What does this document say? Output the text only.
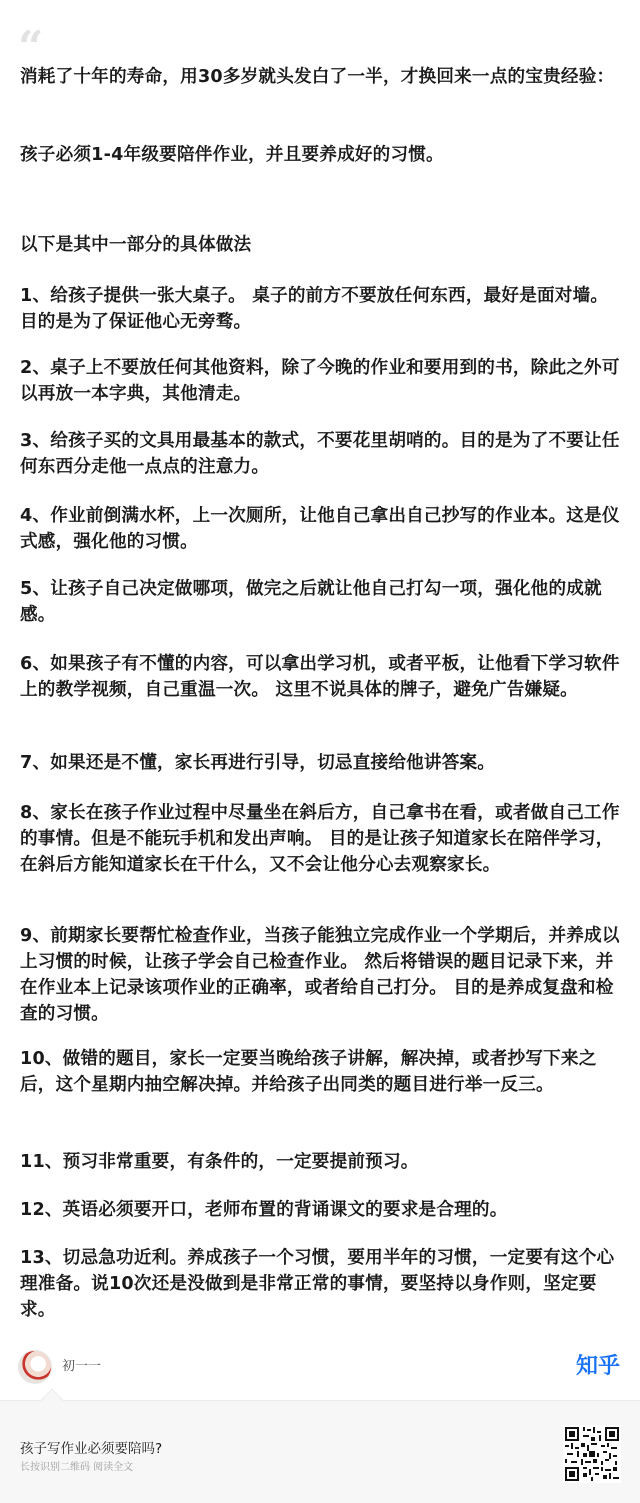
“
消耗了十年的寿命，用30多岁就头发白了一半，才换回来一点的宝贵经验：
孩子必须1-4年级要陪伴作业，并且要养成好的习惯。
以下是其中一部分的具体做法
1、给孩子提供一张大桌子。 桌子的前方不要放任何东西，最好是面对墙。目的是为了保证他心无旁骛。
2、桌子上不要放任何其他资料，除了今晚的作业和要用到的书，除此之外可以再放一本字典，其他清走。
3、给孩子买的文具用最基本的款式，不要花里胡哨的。目的是为了不要让任何东西分走他一点点的注意力。
4、作业前倒满水杯，上一次厕所，让他自己拿出自己抄写的作业本。这是仪式感，强化他的习惯。
5、让孩子自己决定做哪项，做完之后就让他自己打勾一项，强化他的成就感。
6、如果孩子有不懂的内容，可以拿出学习机，或者平板，让他看下学习软件上的教学视频，自己重温一次。 这里不说具体的牌子，避免广告嫌疑。
7、如果还是不懂，家长再进行引导，切忌直接给他讲答案。
8、家长在孩子作业过程中尽量坐在斜后方，自己拿书在看，或者做自己工作的事情。但是不能玩手机和发出声响。 目的是让孩子知道家长在陪伴学习，在斜后方能知道家长在干什么，又不会让他分心去观察家长。
9、前期家长要帮忙检查作业，当孩子能独立完成作业一个学期后，并养成以上习惯的时候，让孩子学会自己检查作业。 然后将错误的题目记录下来，并在作业本上记录该项作业的正确率，或者给自己打分。 目的是养成复盘和检查的习惯。
10、做错的题目，家长一定要当晚给孩子讲解，解决掉，或者抄写下来之后，这个星期内抽空解决掉。并给孩子出同类的题目进行举一反三。
11、预习非常重要，有条件的，一定要提前预习。
12、英语必须要开口，老师布置的背诵课文的要求是合理的。
13、切忌急功近利。养成孩子一个习惯，要用半年的习惯，一定要有这个心理准备。说10次还是没做到是非常正常的事情，要坚持以身作则，坚定要求。
初一一	知乎
孩子写作业必须要陪吗?
长按识别二维码 阅读全文
